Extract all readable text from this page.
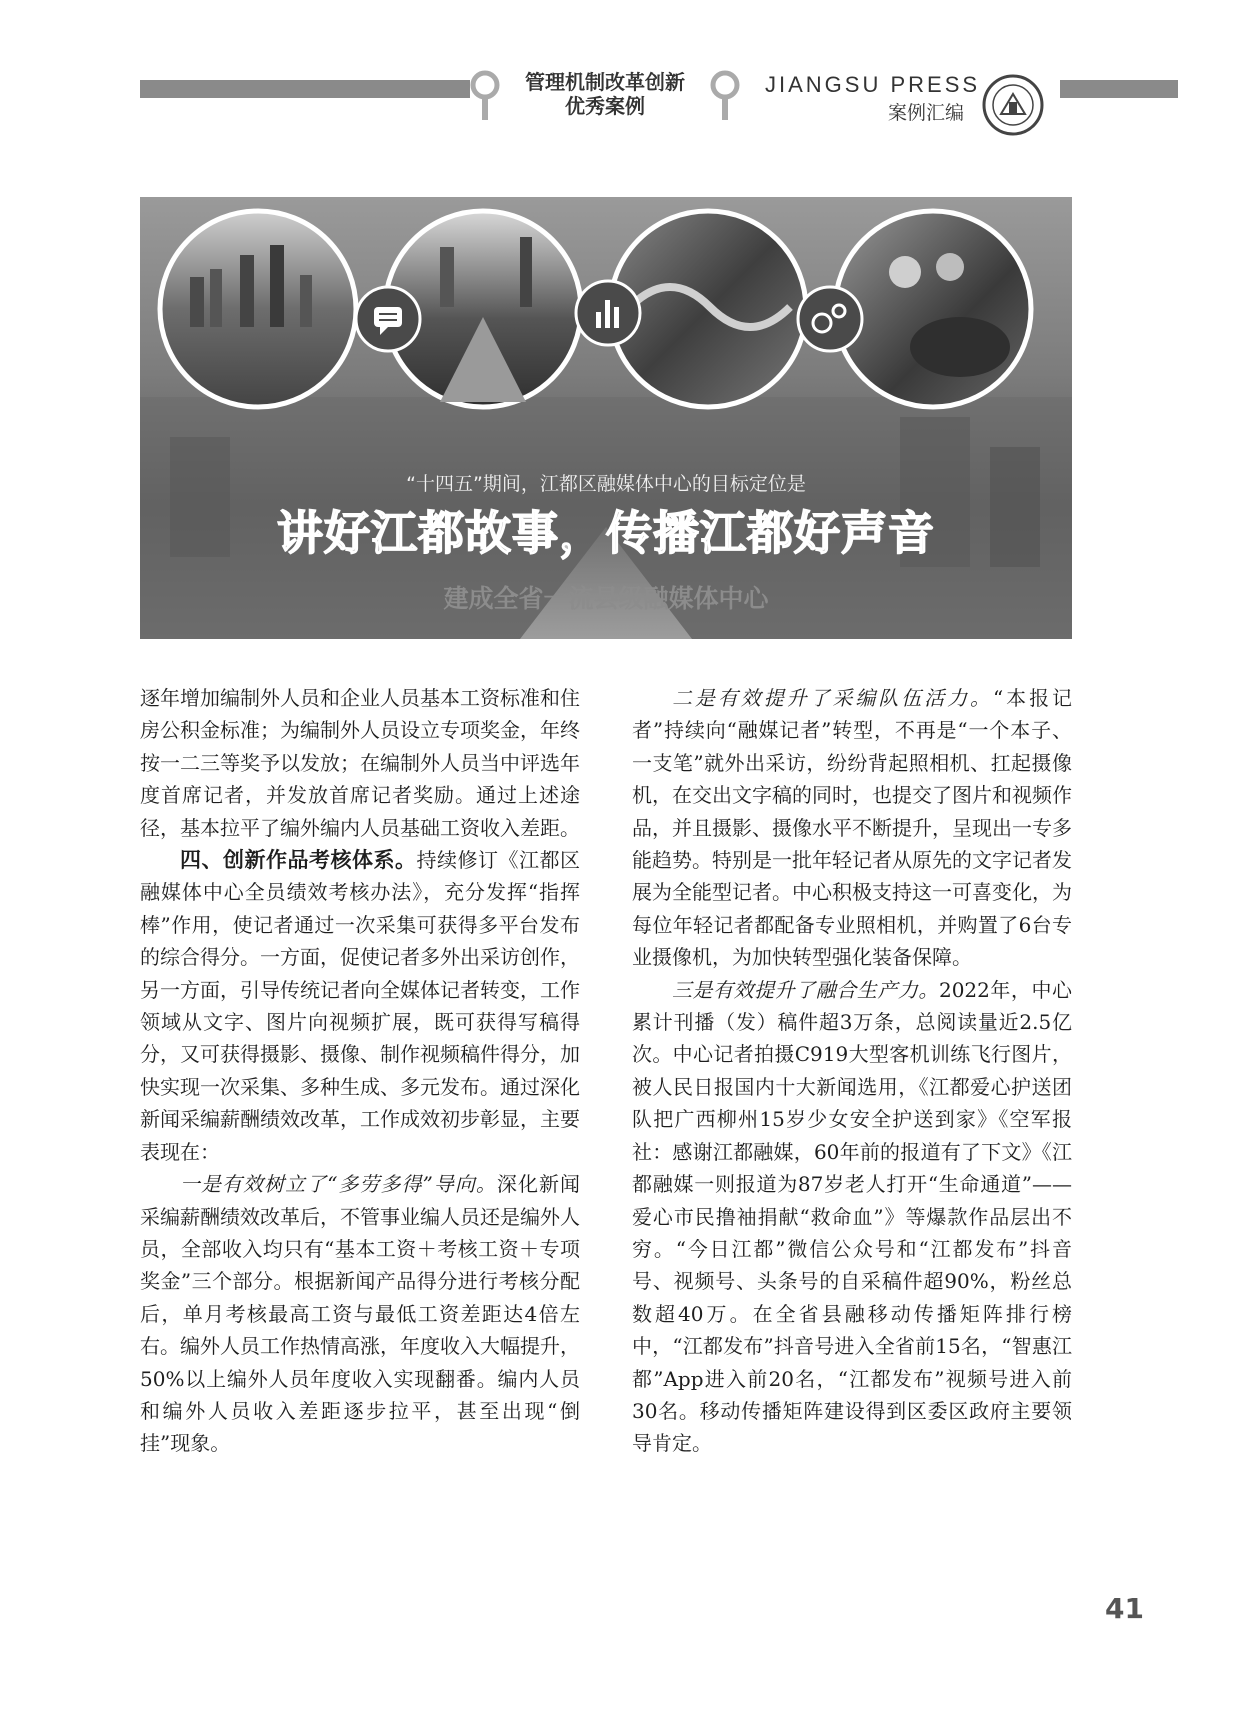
管理机制改革创新
优秀案例
JIANGSU PRESS
案例汇编
“十四五”期间，江都区融媒体中心的目标定位是
讲好江都故事，传播江都好声音
建成全省一流县级融媒体中心

逐年增加编制外人员和企业人员基本工资标准和住房公积金标准；为编制外人员设立专项奖金，年终按一二三等奖予以发放；在编制外人员当中评选年度首席记者，并发放首席记者奖励。通过上述途径，基本拉平了编外编内人员基础工资收入差距。

四、创新作品考核体系。持续修订《江都区融媒体中心全员绩效考核办法》，充分发挥“指挥棒”作用，使记者通过一次采集可获得多平台发布的综合得分。一方面，促使记者多外出采访创作，另一方面，引导传统记者向全媒体记者转变，工作领域从文字、图片向视频扩展，既可获得写稿得分，又可获得摄影、摄像、制作视频稿件得分，加快实现一次采集、多种生成、多元发布。通过深化新闻采编薪酬绩效改革，工作成效初步彰显，主要表现在：

一是有效树立了“多劳多得”导向。深化新闻采编薪酬绩效改革后，不管事业编人员还是编外人员，全部收入均只有“基本工资＋考核工资＋专项奖金”三个部分。根据新闻产品得分进行考核分配后，单月考核最高工资与最低工资差距达4倍左右。编外人员工作热情高涨，年度收入大幅提升，50%以上编外人员年度收入实现翻番。编内人员和编外人员收入差距逐步拉平，甚至出现“倒挂”现象。

二是有效提升了采编队伍活力。“本报记者”持续向“融媒记者”转型，不再是“一个本子、一支笔”就外出采访，纷纷背起照相机、扛起摄像机，在交出文字稿的同时，也提交了图片和视频作品，并且摄影、摄像水平不断提升，呈现出一专多能趋势。特别是一批年轻记者从原先的文字记者发展为全能型记者。中心积极支持这一可喜变化，为每位年轻记者都配备专业照相机，并购置了6台专业摄像机，为加快转型强化装备保障。

三是有效提升了融合生产力。2022年，中心累计刊播（发）稿件超3万条，总阅读量近2.5亿次。中心记者拍摄C919大型客机训练飞行图片，被人民日报国内十大新闻选用，《江都爱心护送团队把广西柳州15岁少女安全护送到家》《空军报社：感谢江都融媒，60年前的报道有了下文》《江都融媒一则报道为87岁老人打开“生命通道”——爱心市民撸袖捐献“救命血”》等爆款作品层出不穷。“今日江都”微信公众号和“江都发布”抖音号、视频号、头条号的自采稿件超90%，粉丝总数超40万。在全省县融移动传播矩阵排行榜中，“江都发布”抖音号进入全省前15名，“智惠江都”App进入前20名，“江都发布”视频号进入前30名。移动传播矩阵建设得到区委区政府主要领导肯定。

41
